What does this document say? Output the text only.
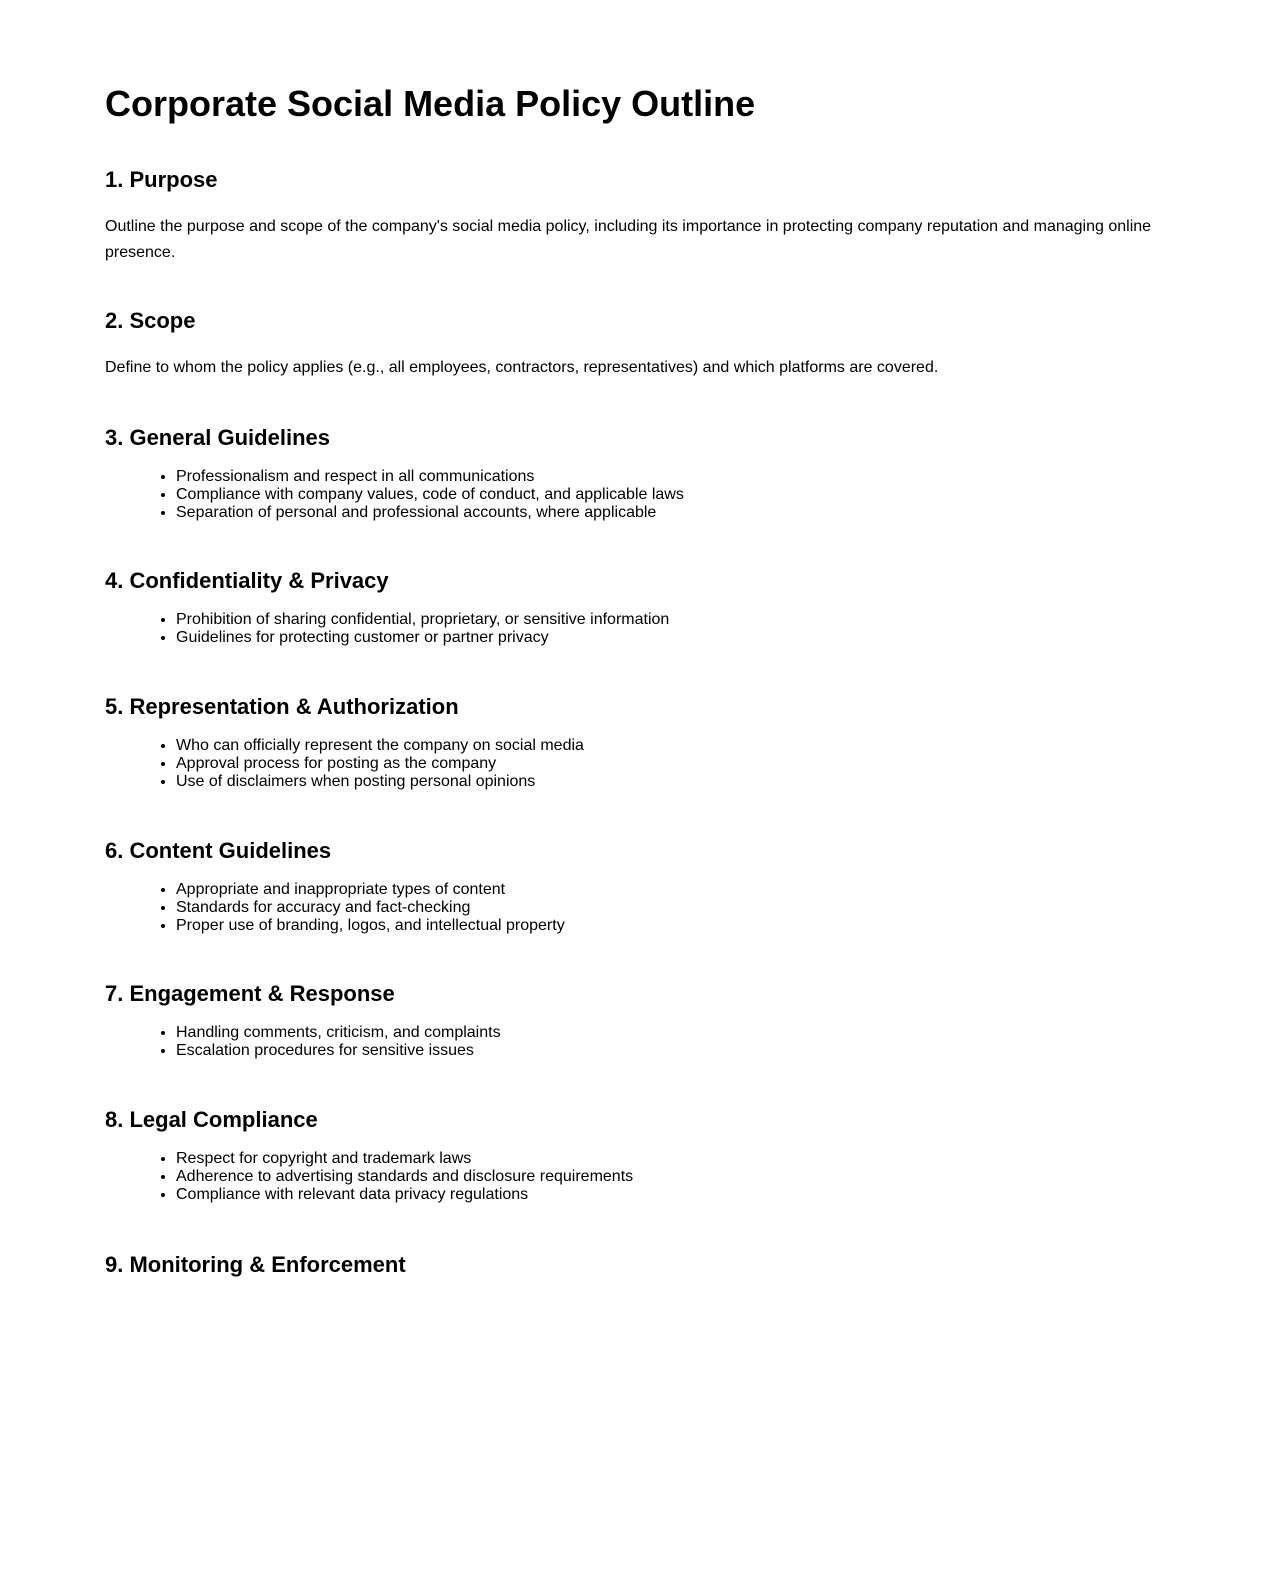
Corporate Social Media Policy Outline
1. Purpose

Outline the purpose and scope of the company's social media policy, including its importance in protecting company reputation and managing online presence.

2. Scope

Define to whom the policy applies (e.g., all employees, contractors, representatives) and which platforms are covered.

3. General Guidelines
• Professionalism and respect in all communications
• Compliance with company values, code of conduct, and applicable laws
• Separation of personal and professional accounts, where applicable
4. Confidentiality & Privacy
• Prohibition of sharing confidential, proprietary, or sensitive information
• Guidelines for protecting customer or partner privacy
5. Representation & Authorization
• Who can officially represent the company on social media
• Approval process for posting as the company
• Use of disclaimers when posting personal opinions
6. Content Guidelines
• Appropriate and inappropriate types of content
• Standards for accuracy and fact-checking
• Proper use of branding, logos, and intellectual property
7. Engagement & Response
• Handling comments, criticism, and complaints
• Escalation procedures for sensitive issues
8. Legal Compliance
• Respect for copyright and trademark laws
• Adherence to advertising standards and disclosure requirements
• Compliance with relevant data privacy regulations
9. Monitoring & Enforcement
